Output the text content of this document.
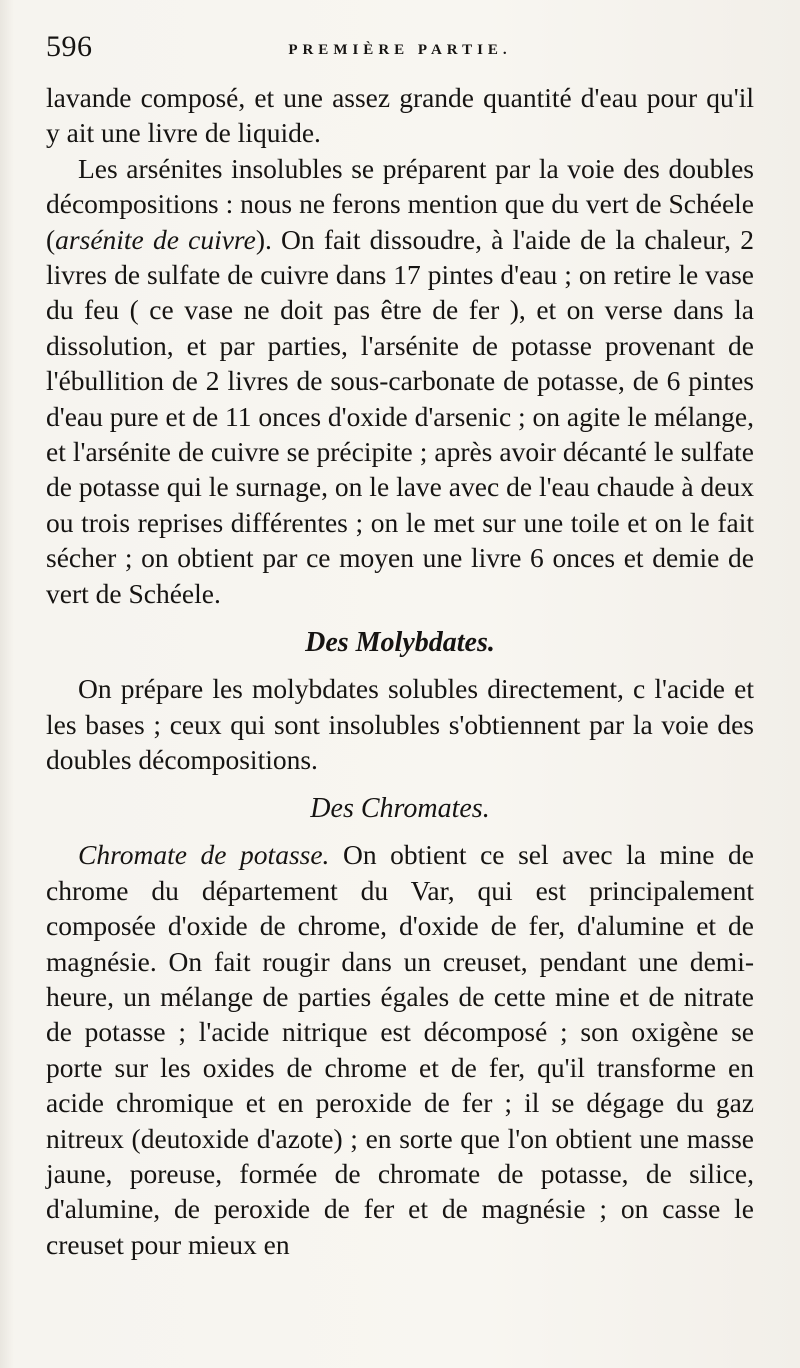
596	PREMIÈRE PARTIE.

lavande composé, et une assez grande quantité d'eau pour qu'il y ait une livre de liquide.

Les arsénites insolubles se préparent par la voie des doubles décompositions : nous ne ferons mention que du vert de Schéele (arsénite de cuivre). On fait dissoudre, à l'aide de la chaleur, 2 livres de sulfate de cuivre dans 17 pintes d'eau ; on retire le vase du feu ( ce vase ne doit pas être de fer ), et on verse dans la dissolution, et par parties, l'arsénite de potasse provenant de l'ébullition de 2 livres de sous-carbonate de potasse, de 6 pintes d'eau pure et de 11 onces d'oxide d'arsenic ; on agite le mélange, et l'arsénite de cuivre se précipite ; après avoir décanté le sulfate de potasse qui le surnage, on le lave avec de l'eau chaude à deux ou trois reprises différentes ; on le met sur une toile et on le fait sécher ; on obtient par ce moyen une livre 6 onces et demie de vert de Schéele.

Des Molybdates.

On prépare les molybdates solubles directement, c l'acide et les bases ; ceux qui sont insolubles s'obtiennent par la voie des doubles décompositions.

Des Chromates.

Chromate de potasse. On obtient ce sel avec la mine de chrome du département du Var, qui est principalement composée d'oxide de chrome, d'oxide de fer, d'alumine et de magnésie. On fait rougir dans un creuset, pendant une demi-heure, un mélange de parties égales de cette mine et de nitrate de potasse ; l'acide nitrique est décomposé ; son oxigène se porte sur les oxides de chrome et de fer, qu'il transforme en acide chromique et en peroxide de fer ; il se dégage du gaz nitreux (deutoxide d'azote) ; en sorte que l'on obtient une masse jaune, poreuse, formée de chromate de potasse, de silice, d'alumine, de peroxide de fer et de magnésie ; on casse le creuset pour mieux en
